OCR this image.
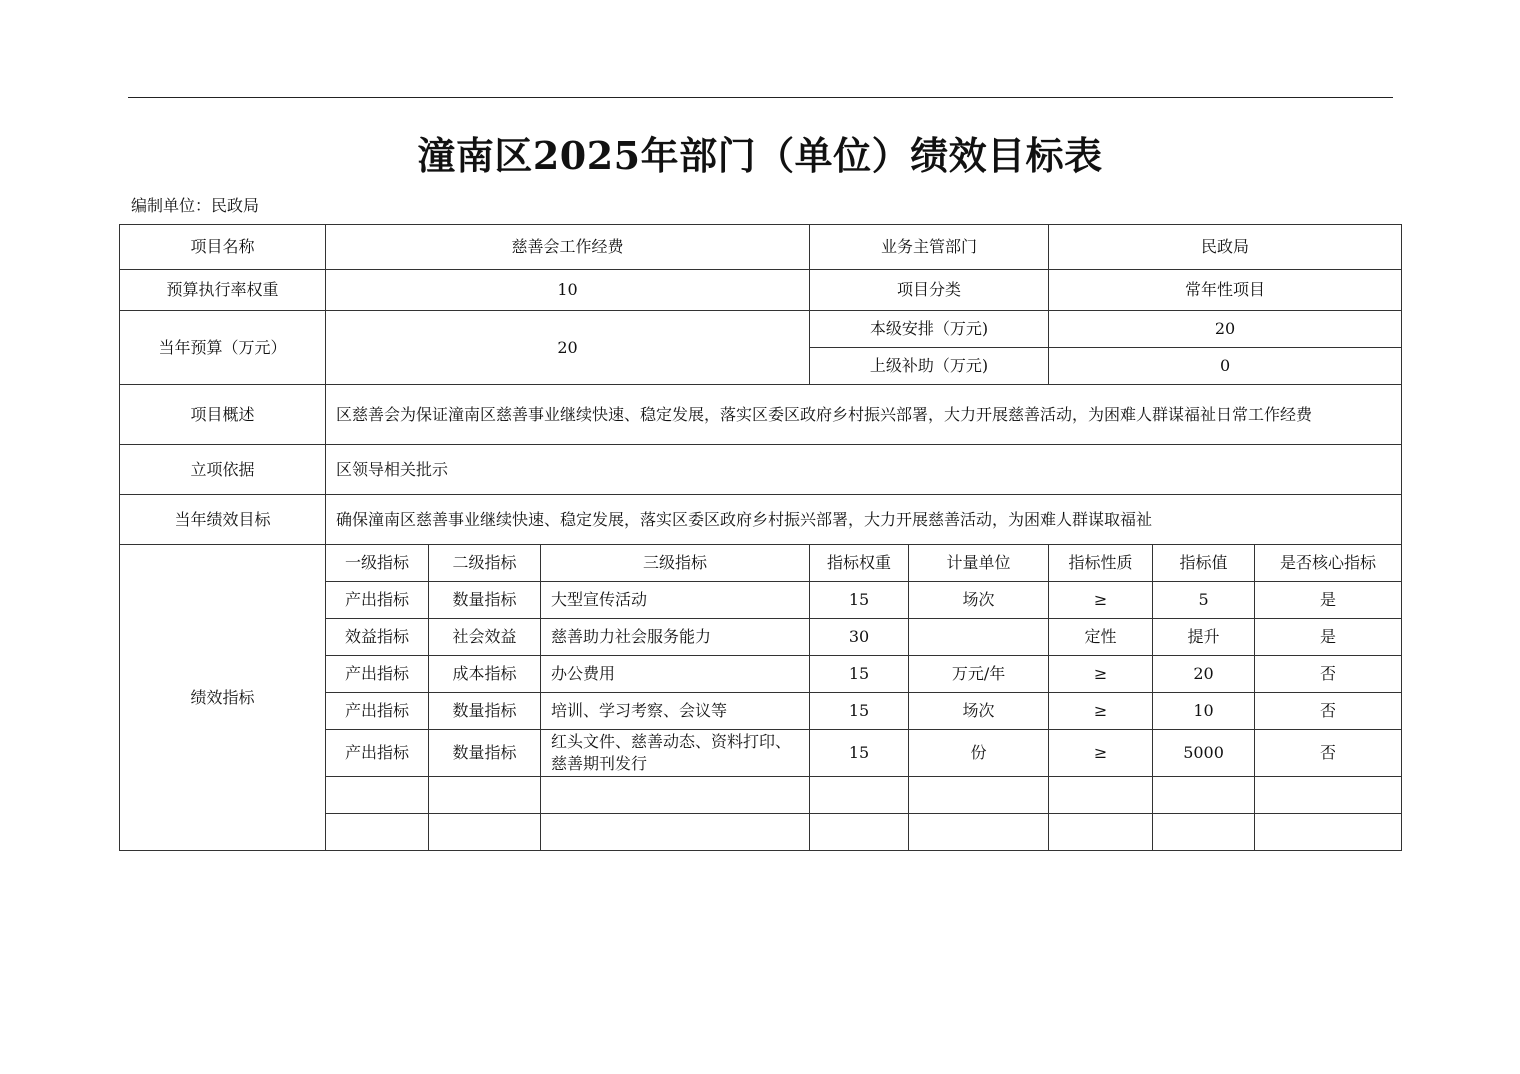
潼南区2025年部门（单位）绩效目标表
编制单位：民政局
项目名称	慈善会工作经费			业务主管部门		民政局		
预算执行率权重	10			项目分类		常年性项目		
当年预算（万元）	20			本级安排（万元)		20		
				上级补助（万元)		0		
项目概述	区慈善会为保证潼南区慈善事业继续快速、稳定发展，落实区委区政府乡村振兴部署，大力开展慈善活动，为困难人群谋福祉日常工作经费							
立项依据	区领导相关批示							
当年绩效目标	确保潼南区慈善事业继续快速、稳定发展，落实区委区政府乡村振兴部署，大力开展慈善活动，为困难人群谋取福祉							
绩效指标	一级指标	二级指标	三级指标	指标权重	计量单位	指标性质	指标值	是否核心指标
	产出指标	数量指标	大型宣传活动	15	场次	≥	5	是
	效益指标	社会效益	慈善助力社会服务能力	30		定性	提升	是
	产出指标	成本指标	办公费用	15	万元/年	≥	20	否
	产出指标	数量指标	培训、学习考察、会议等	15	场次	≥	10	否
	产出指标	数量指标	红头文件、慈善动态、资料打印、慈善期刊发行	15	份	≥	5000	否
